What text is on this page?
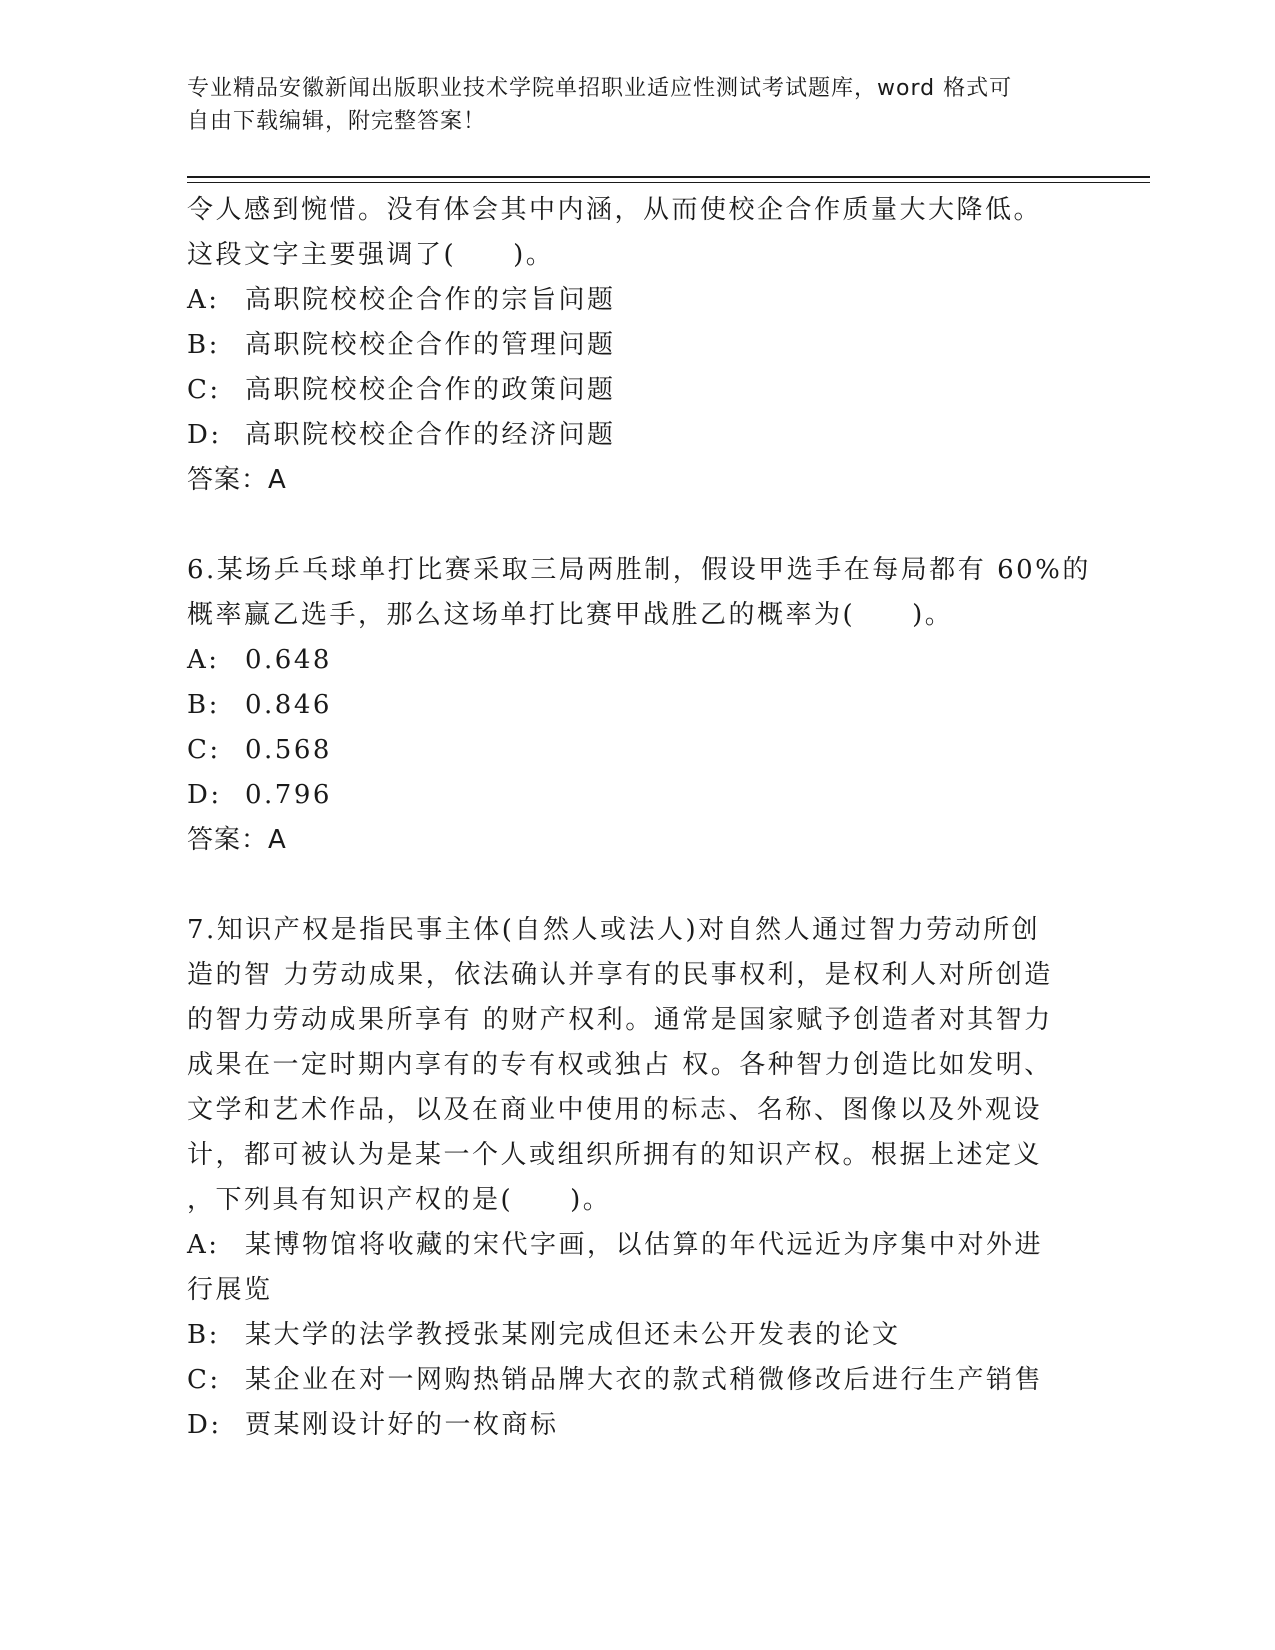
专业精品安徽新闻出版职业技术学院单招职业适应性测试考试题库，word 格式可
自由下载编辑，附完整答案！
令人感到惋惜。没有体会其中内涵，从而使校企合作质量大大降低。
这段文字主要强调了(　　)。
A: 高职院校校企合作的宗旨问题
B: 高职院校校企合作的管理问题
C: 高职院校校企合作的政策问题
D: 高职院校校企合作的经济问题
答案：A
6.某场乒乓球单打比赛采取三局两胜制，假设甲选手在每局都有 60%的
概率赢乙选手，那么这场单打比赛甲战胜乙的概率为(　　)。
A: 0.648
B: 0.846
C: 0.568
D: 0.796
答案：A
7.知识产权是指民事主体(自然人或法人)对自然人通过智力劳动所创
造的智 力劳动成果，依法确认并享有的民事权利，是权利人对所创造
的智力劳动成果所享有 的财产权利。通常是国家赋予创造者对其智力
成果在一定时期内享有的专有权或独占 权。各种智力创造比如发明、
文学和艺术作品，以及在商业中使用的标志、名称、图像以及外观设
计，都可被认为是某一个人或组织所拥有的知识产权。根据上述定义
，下列具有知识产权的是(　　)。
A: 某博物馆将收藏的宋代字画，以估算的年代远近为序集中对外进
行展览
B: 某大学的法学教授张某刚完成但还未公开发表的论文
C: 某企业在对一网购热销品牌大衣的款式稍微修改后进行生产销售
D: 贾某刚设计好的一枚商标
